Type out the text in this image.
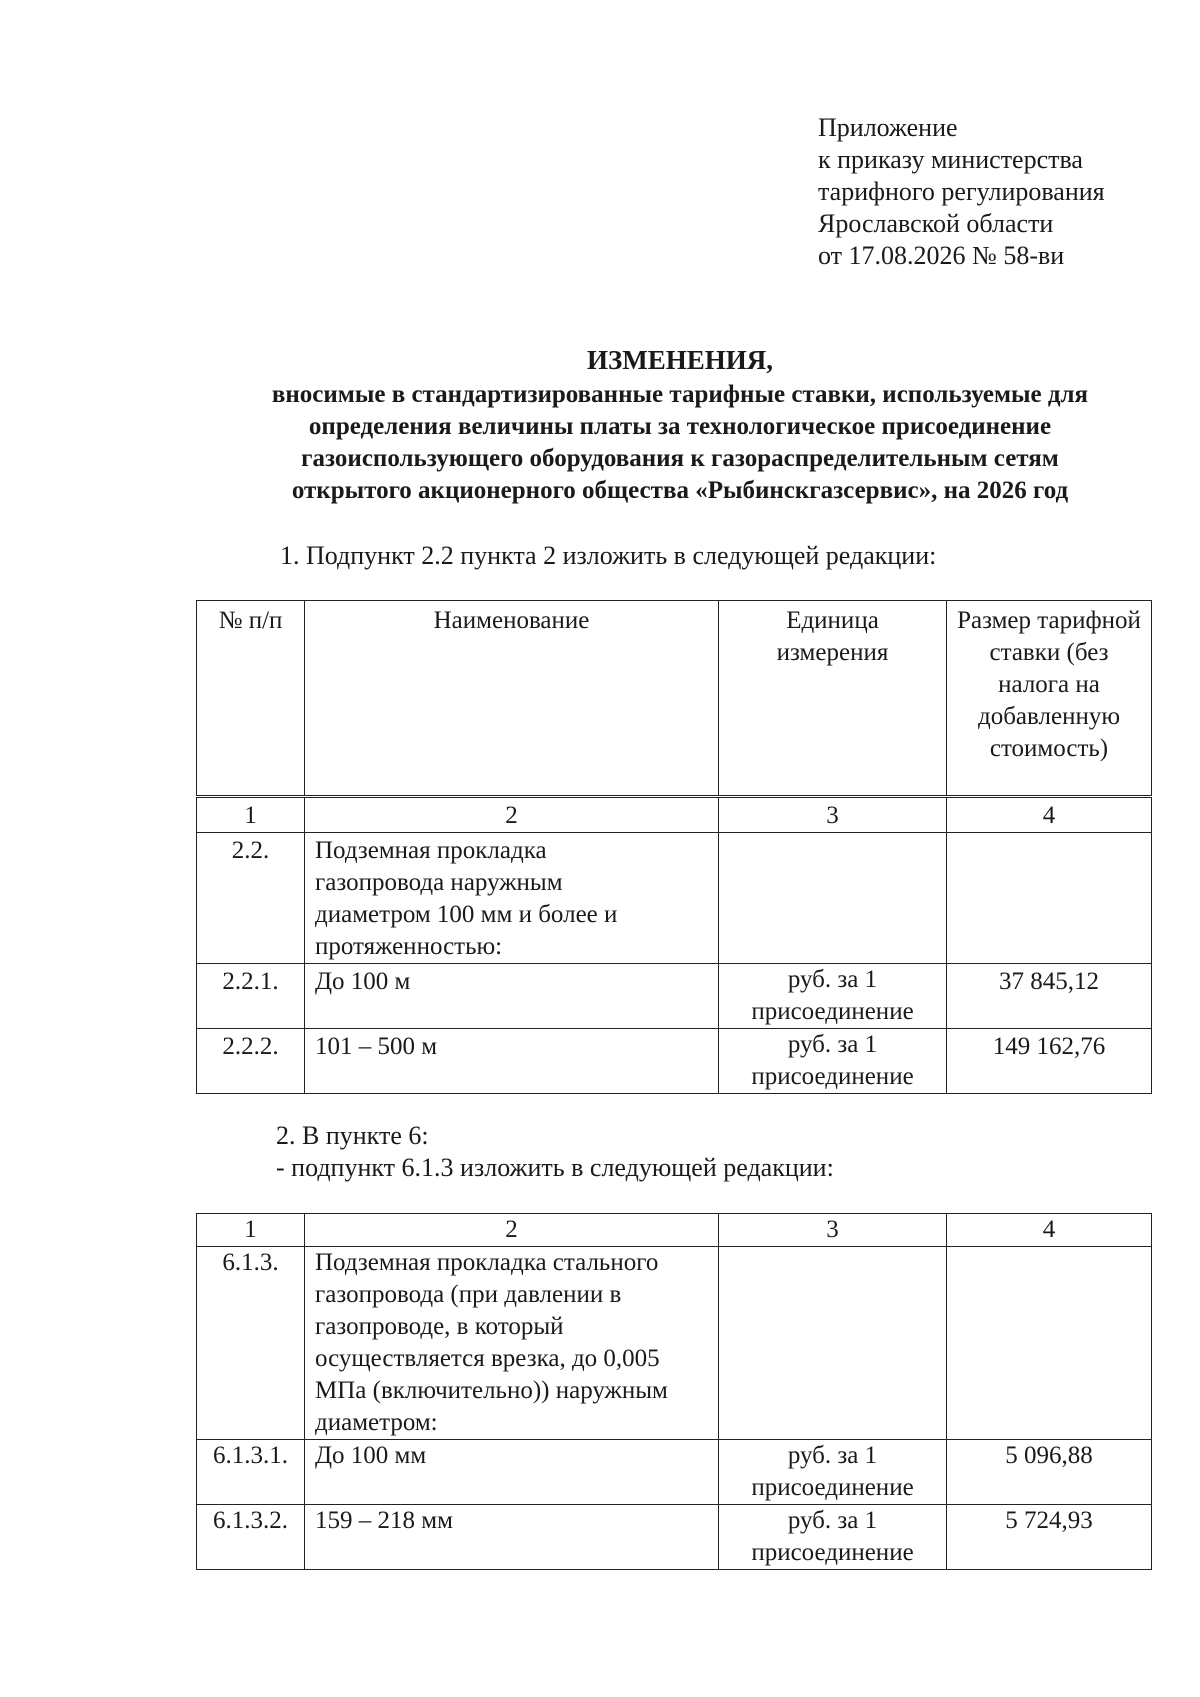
Приложение
к приказу министерства
тарифного регулирования
Ярославской области
от 17.08.2026 № 58-ви
ИЗМЕНЕНИЯ,
вносимые в стандартизированные тарифные ставки, используемые для
определения величины платы за технологическое присоединение
газоиспользующего оборудования к газораспределительным сетям
открытого акционерного общества «Рыбинскгазсервис», на 2026 год
1. Подпункт 2.2 пункта 2 изложить в следующей редакции:
№ п/п	Наименование	Единица измерения	Размер тарифной ставки (без налога на добавленную стоимость)
1	2	3	4
2.2.	Подземная прокладка газопровода наружным диаметром 100 мм и более и протяженностью:		
2.2.1.	До 100 м	руб. за 1 присоединение	37 845,12
2.2.2.	101 – 500 м	руб. за 1 присоединение	149 162,76
2. В пункте 6:
- подпункт 6.1.3 изложить в следующей редакции:
1	2	3	4
6.1.3.	Подземная прокладка стального газопровода (при давлении в газопроводе, в который осуществляется врезка, до 0,005 МПа (включительно)) наружным диаметром:		
6.1.3.1.	До 100 мм	руб. за 1 присоединение	5 096,88
6.1.3.2.	159 – 218 мм	руб. за 1 присоединение	5 724,93
